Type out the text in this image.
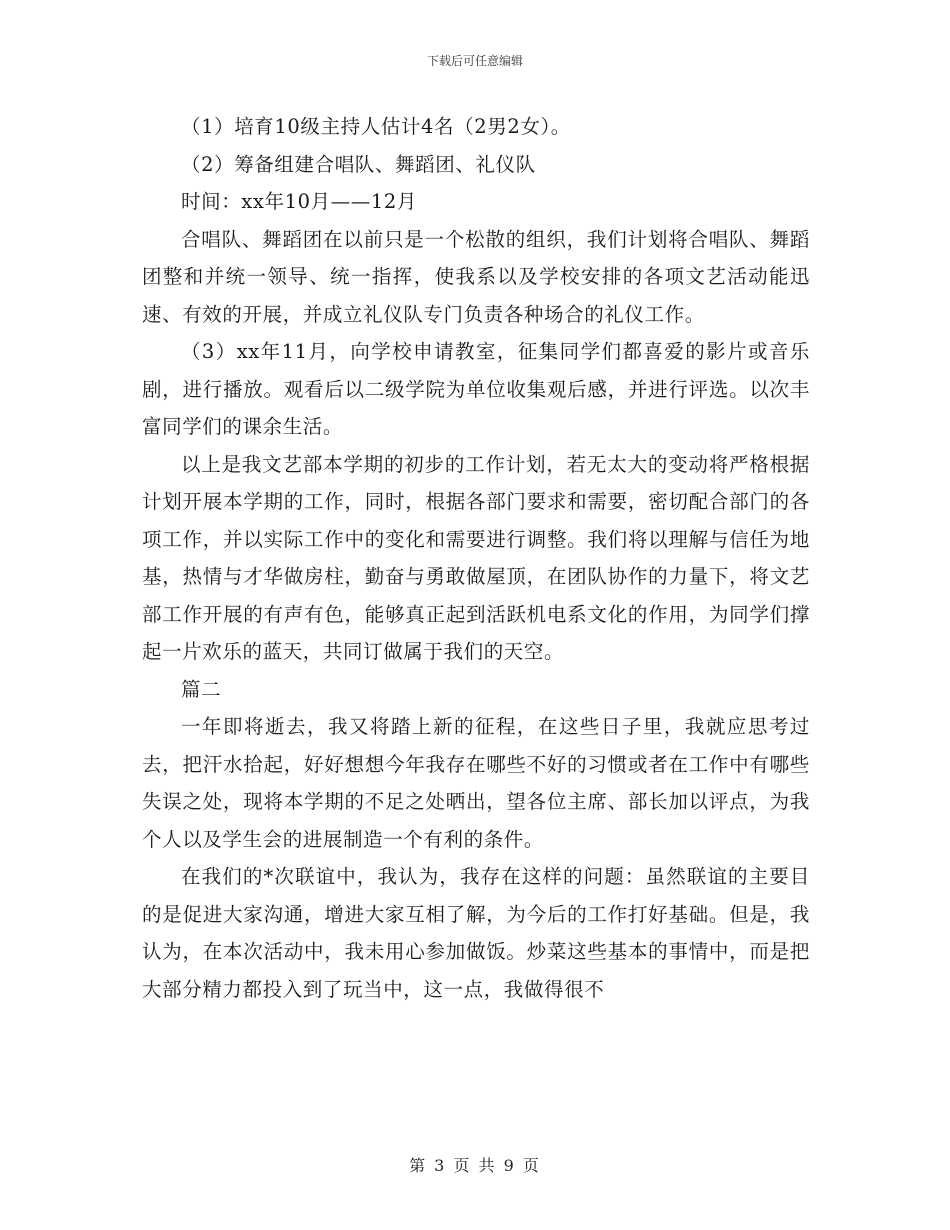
下载后可任意编辑

（1）培育10级主持人估计4名（2男2女）。

（2）筹备组建合唱队、舞蹈团、礼仪队

时间：xx年10月——12月

合唱队、舞蹈团在以前只是一个松散的组织，我们计划将合唱队、舞蹈团整和并统一领导、统一指挥，使我系以及学校安排的各项文艺活动能迅速、有效的开展，并成立礼仪队专门负责各种场合的礼仪工作。

（3）xx年11月，向学校申请教室，征集同学们都喜爱的影片或音乐剧，进行播放。观看后以二级学院为单位收集观后感，并进行评选。以次丰富同学们的课余生活。

以上是我文艺部本学期的初步的工作计划，若无太大的变动将严格根据计划开展本学期的工作，同时，根据各部门要求和需要，密切配合部门的各项工作，并以实际工作中的变化和需要进行调整。我们将以理解与信任为地基，热情与才华做房柱，勤奋与勇敢做屋顶，在团队协作的力量下，将文艺部工作开展的有声有色，能够真正起到活跃机电系文化的作用，为同学们撑起一片欢乐的蓝天，共同订做属于我们的天空。

篇二

一年即将逝去，我又将踏上新的征程，在这些日子里，我就应思考过去，把汗水拾起，好好想想今年我存在哪些不好的习惯或者在工作中有哪些失误之处，现将本学期的不足之处晒出，望各位主席、部长加以评点，为我个人以及学生会的进展制造一个有利的条件。

在我们的*次联谊中，我认为，我存在这样的问题：虽然联谊的主要目的是促进大家沟通，增进大家互相了解，为今后的工作打好基础。但是，我认为，在本次活动中，我未用心参加做饭。炒菜这些基本的事情中，而是把大部分精力都投入到了玩当中，这一点，我做得很不

第 3 页 共 9 页
